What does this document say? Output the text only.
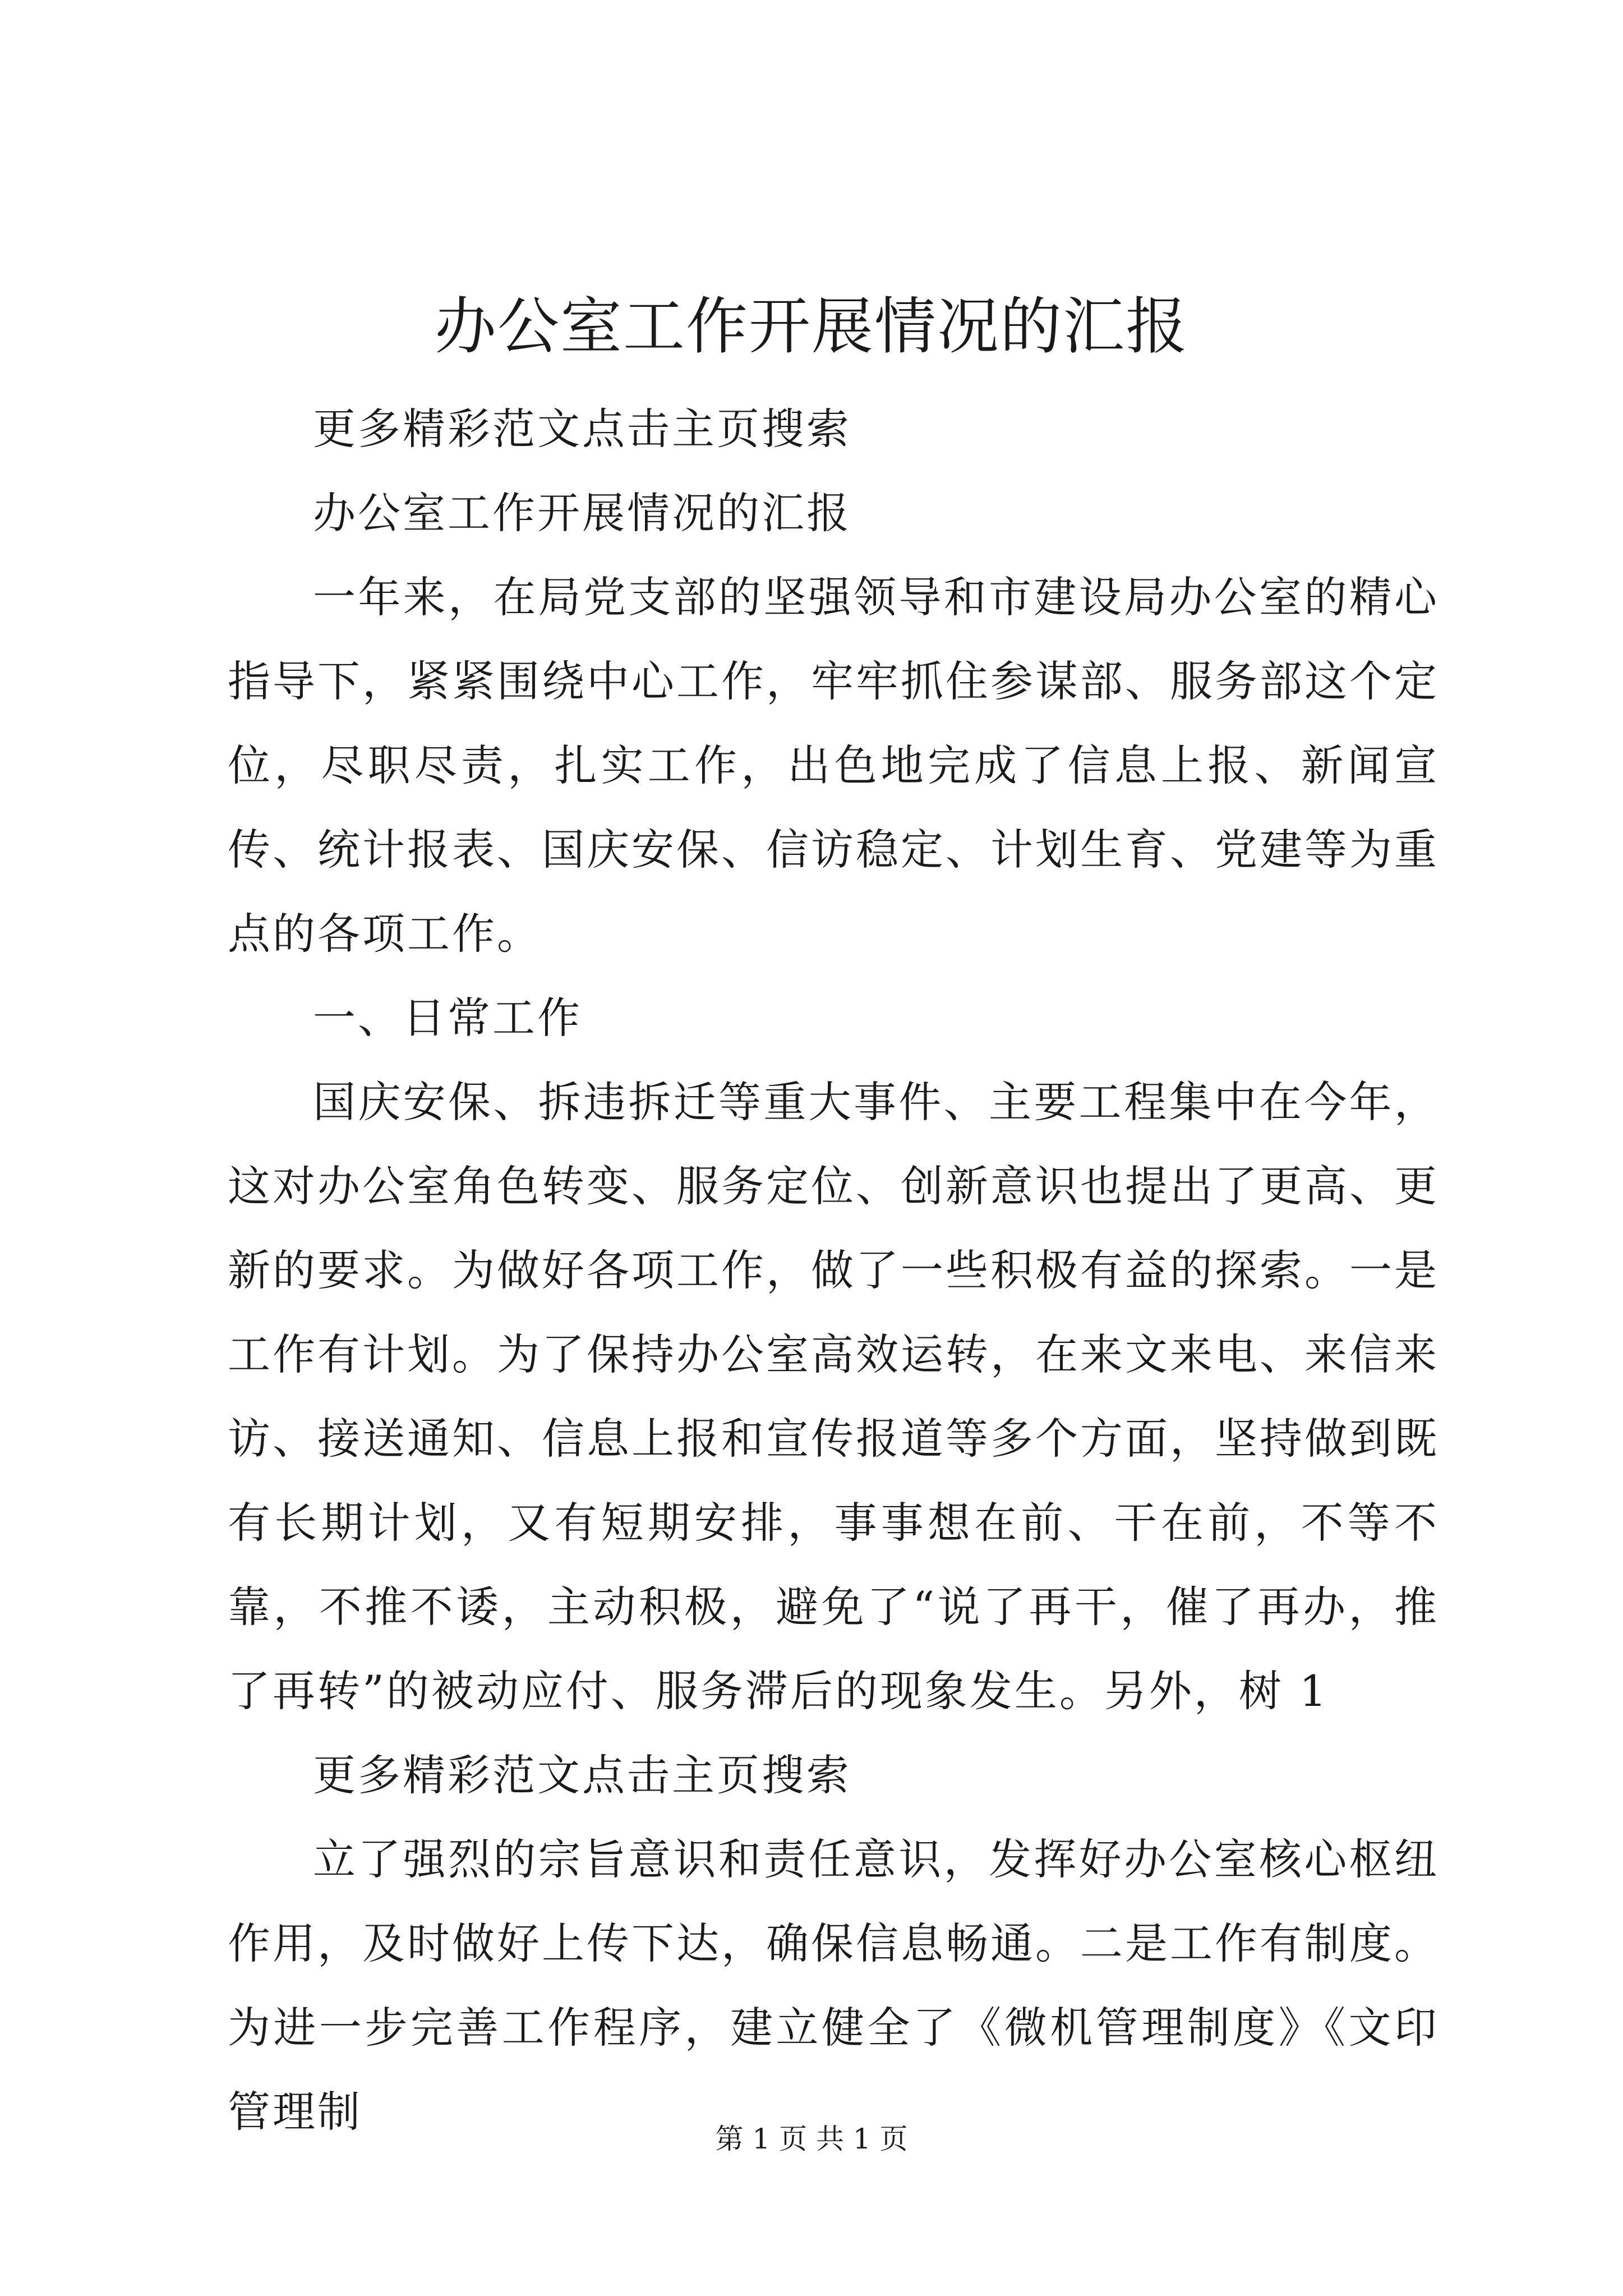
办公室工作开展情况的汇报

更多精彩范文点击主页搜索

办公室工作开展情况的汇报

一年来，在局党支部的坚强领导和市建设局办公室的精心指导下，紧紧围绕中心工作，牢牢抓住参谋部、服务部这个定位，尽职尽责，扎实工作，出色地完成了信息上报、新闻宣传、统计报表、国庆安保、信访稳定、计划生育、党建等为重点的各项工作。

一、日常工作

国庆安保、拆违拆迁等重大事件、主要工程集中在今年，这对办公室角色转变、服务定位、创新意识也提出了更高、更新的要求。为做好各项工作，做了一些积极有益的探索。一是工作有计划。为了保持办公室高效运转，在来文来电、来信来访、接送通知、信息上报和宣传报道等多个方面，坚持做到既有长期计划，又有短期安排，事事想在前、干在前，不等不靠，不推不诿，主动积极，避免了“说了再干，催了再办，推了再转”的被动应付、服务滞后的现象发生。另外，树 1

更多精彩范文点击主页搜索

立了强烈的宗旨意识和责任意识，发挥好办公室核心枢纽作用，及时做好上传下达，确保信息畅通。二是工作有制度。为进一步完善工作程序，建立健全了《微机管理制度》《文印管理制

第 1 页 共 1 页
